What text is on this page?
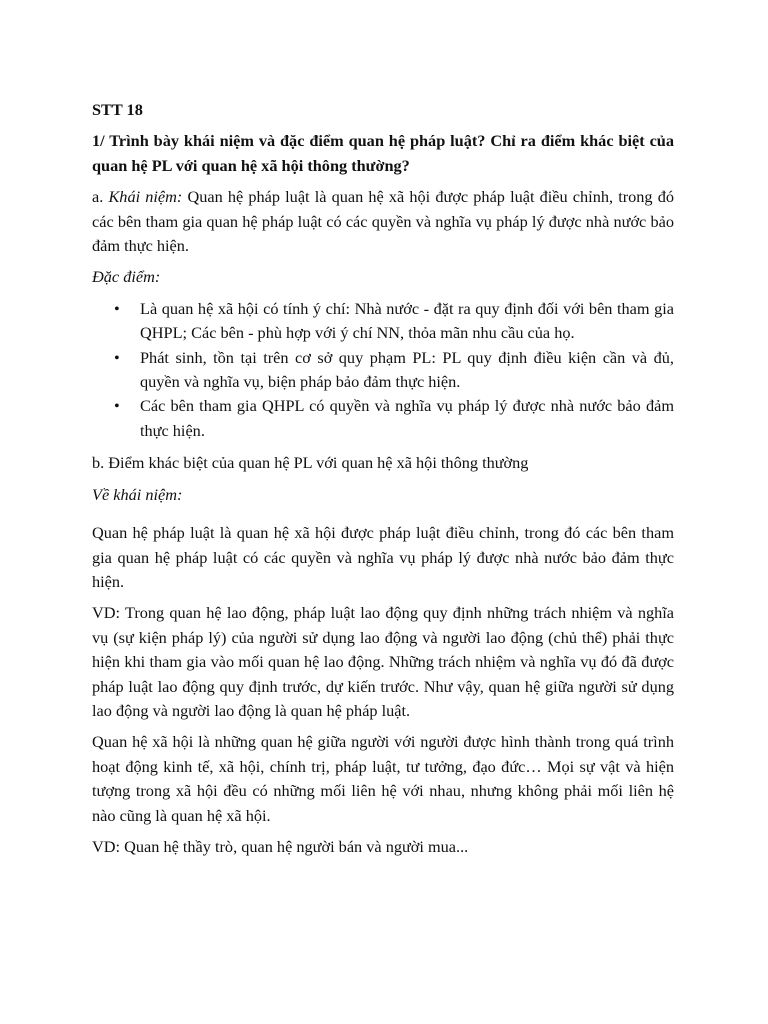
STT 18

1/ Trình bày khái niệm và đặc điểm quan hệ pháp luật? Chỉ ra điểm khác biệt của quan hệ PL với quan hệ xã hội thông thường?

a. Khái niệm: Quan hệ pháp luật là quan hệ xã hội được pháp luật điều chỉnh, trong đó các bên tham gia quan hệ pháp luật có các quyền và nghĩa vụ pháp lý được nhà nước bảo đảm thực hiện.

Đặc điểm:

• Là quan hệ xã hội có tính ý chí: Nhà nước - đặt ra quy định đối với bên tham gia QHPL; Các bên - phù hợp với ý chí NN, thỏa mãn nhu cầu của họ.
• Phát sinh, tồn tại trên cơ sở quy phạm PL: PL quy định điều kiện cần và đủ, quyền và nghĩa vụ, biện pháp bảo đảm thực hiện.
• Các bên tham gia QHPL có quyền và nghĩa vụ pháp lý được nhà nước bảo đảm thực hiện.

b. Điểm khác biệt của quan hệ PL với quan hệ xã hội thông thường

Về khái niệm:

Quan hệ pháp luật là quan hệ xã hội được pháp luật điều chỉnh, trong đó các bên tham gia quan hệ pháp luật có các quyền và nghĩa vụ pháp lý được nhà nước bảo đảm thực hiện.

VD: Trong quan hệ lao động, pháp luật lao động quy định những trách nhiệm và nghĩa vụ (sự kiện pháp lý) của người sử dụng lao động và người lao động (chủ thể) phải thực hiện khi tham gia vào mối quan hệ lao động. Những trách nhiệm và nghĩa vụ đó đã được pháp luật lao động quy định trước, dự kiến trước. Như vậy, quan hệ giữa người sử dụng lao động và người lao động là quan hệ pháp luật.

Quan hệ xã hội là những quan hệ giữa người với người được hình thành trong quá trình hoạt động kinh tế, xã hội, chính trị, pháp luật, tư tưởng, đạo đức… Mọi sự vật và hiện tượng trong xã hội đều có những mối liên hệ với nhau, nhưng không phải mối liên hệ nào cũng là quan hệ xã hội.

VD: Quan hệ thầy trò, quan hệ người bán và người mua...
